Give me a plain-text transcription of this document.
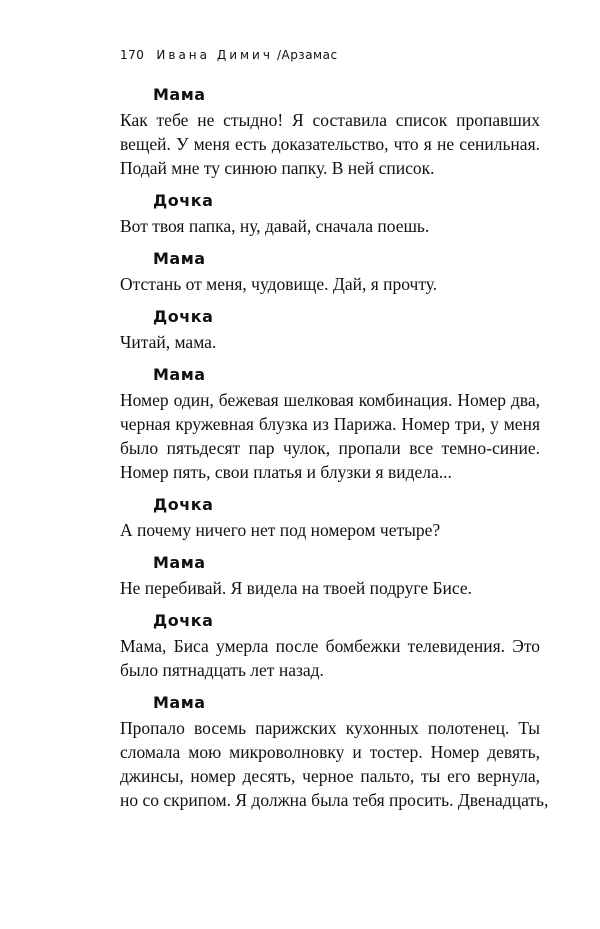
170 Ивана Димич /Арзамас
Мама
Как тебе не стыдно! Я составила список пропавших
вещей. У меня есть доказательство, что я не сенильная.
Подай мне ту синюю папку. В ней список.
Дочка
Вот твоя папка, ну, давай, сначала поешь.
Мама
Отстань от меня, чудовище. Дай, я прочту.
Дочка
Читай, мама.
Мама
Номер один, бежевая шелковая комбинация. Номер два,
черная кружевная блузка из Парижа. Номер три, у меня
было пятьдесят пар чулок, пропали все темно-синие.
Номер пять, свои платья и блузки я видела...
Дочка
А почему ничего нет под номером четыре?
Мама
Не перебивай. Я видела на твоей подруге Бисе.
Дочка
Мама, Биса умерла после бомбежки телевидения. Это
было пятнадцать лет назад.
Мама
Пропало восемь парижских кухонных полотенец. Ты
сломала мою микроволновку и тостер. Номер девять,
джинсы, номер десять, черное пальто, ты его вернула,
но со скрипом. Я должна была тебя просить. Двенадцать,
